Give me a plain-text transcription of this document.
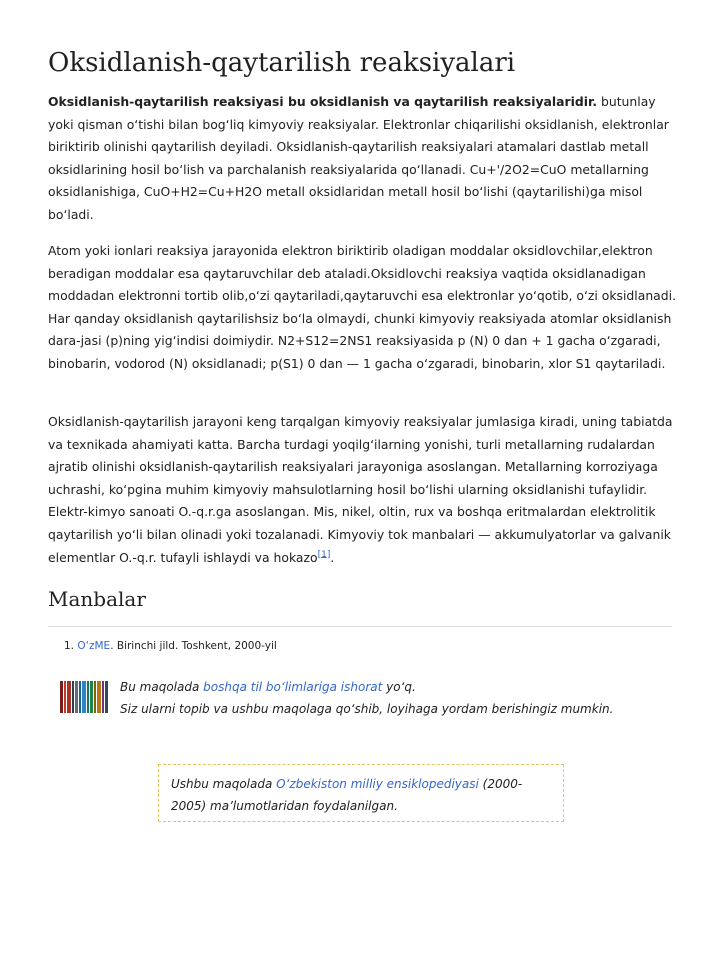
Oksidlanish-qaytarilish reaksiyalari

Oksidlanish-qaytarilish reaksiyasi bu oksidlanish va qaytarilish reaksiyalaridir. butunlay yoki qisman o‘tishi bilan bog‘liq kimyoviy reaksiyalar. Elektronlar chiqarilishi oksidlanish, elektronlar biriktirib olinishi qaytarilish deyiladi. Oksidlanish-qaytarilish reaksiyalari atamalari dastlab metall oksidlarining hosil bo‘lish va parchalanish reaksiyalarida qo‘llanadi. Cu+'/2O2=CuO metallarning oksidlanishiga, CuO+H2=Cu+H2O metall oksidlaridan metall hosil bo‘lishi (qaytarilishi)ga misol bo‘ladi.

Atom yoki ionlari reaksiya jarayonida elektron biriktirib oladigan moddalar oksidlovchilar,elektron beradigan moddalar esa qaytaruvchilar deb ataladi.Oksidlovchi reaksiya vaqtida oksidlanadigan moddadan elektronni tortib olib,o‘zi qaytariladi,qaytaruvchi esa elektronlar yo‘qotib, o‘zi oksidlanadi. Har qanday oksidlanish qaytarilishsiz bo‘la olmaydi, chunki kimyoviy reaksiyada atomlar oksidlanish dara-jasi (p)ning yig‘indisi doimiydir. N2+S12=2NS1 reaksiyasida p (N) 0 dan + 1 gacha o‘zgaradi, binobarin, vodorod (N) oksidlanadi; p(S1) 0 dan — 1 gacha o‘zgaradi, binobarin, xlor S1 qaytariladi.

Oksidlanish-qaytarilish jarayoni keng tarqalgan kimyoviy reaksiyalar jumlasiga kiradi, uning tabiatda va texnikada ahamiyati katta. Barcha turdagi yoqilg‘ilarning yonishi, turli metallarning rudalardan ajratib olinishi oksidlanish-qaytarilish reaksiyalari jarayoniga asoslangan. Metallarning korroziyaga uchrashi, ko‘pgina muhim kimyoviy mahsulotlarning hosil bo‘lishi ularning oksidlanishi tufaylidir. Elektr-kimyo sanoati O.-q.r.ga asoslangan. Mis, nikel, oltin, rux va boshqa eritmalardan elektrolitik qaytarilish yo‘li bilan olinadi yoki tozalanadi. Kimyoviy tok manbalari — akkumulyatorlar va galvanik elementlar O.-q.r. tufayli ishlaydi va hokazo[1].

Manbalar
1. O‘zME. Birinchi jild. Toshkent, 2000-yil
Bu maqolada boshqa til bo‘limlariga ishorat yo‘q.
Siz ularni topib va ushbu maqolaga qo‘shib, loyihaga yordam berishingiz mumkin.
Ushbu maqolada O‘zbekiston milliy ensiklopediyasi (2000-2005) ma’lumotlaridan foydalanilgan.
